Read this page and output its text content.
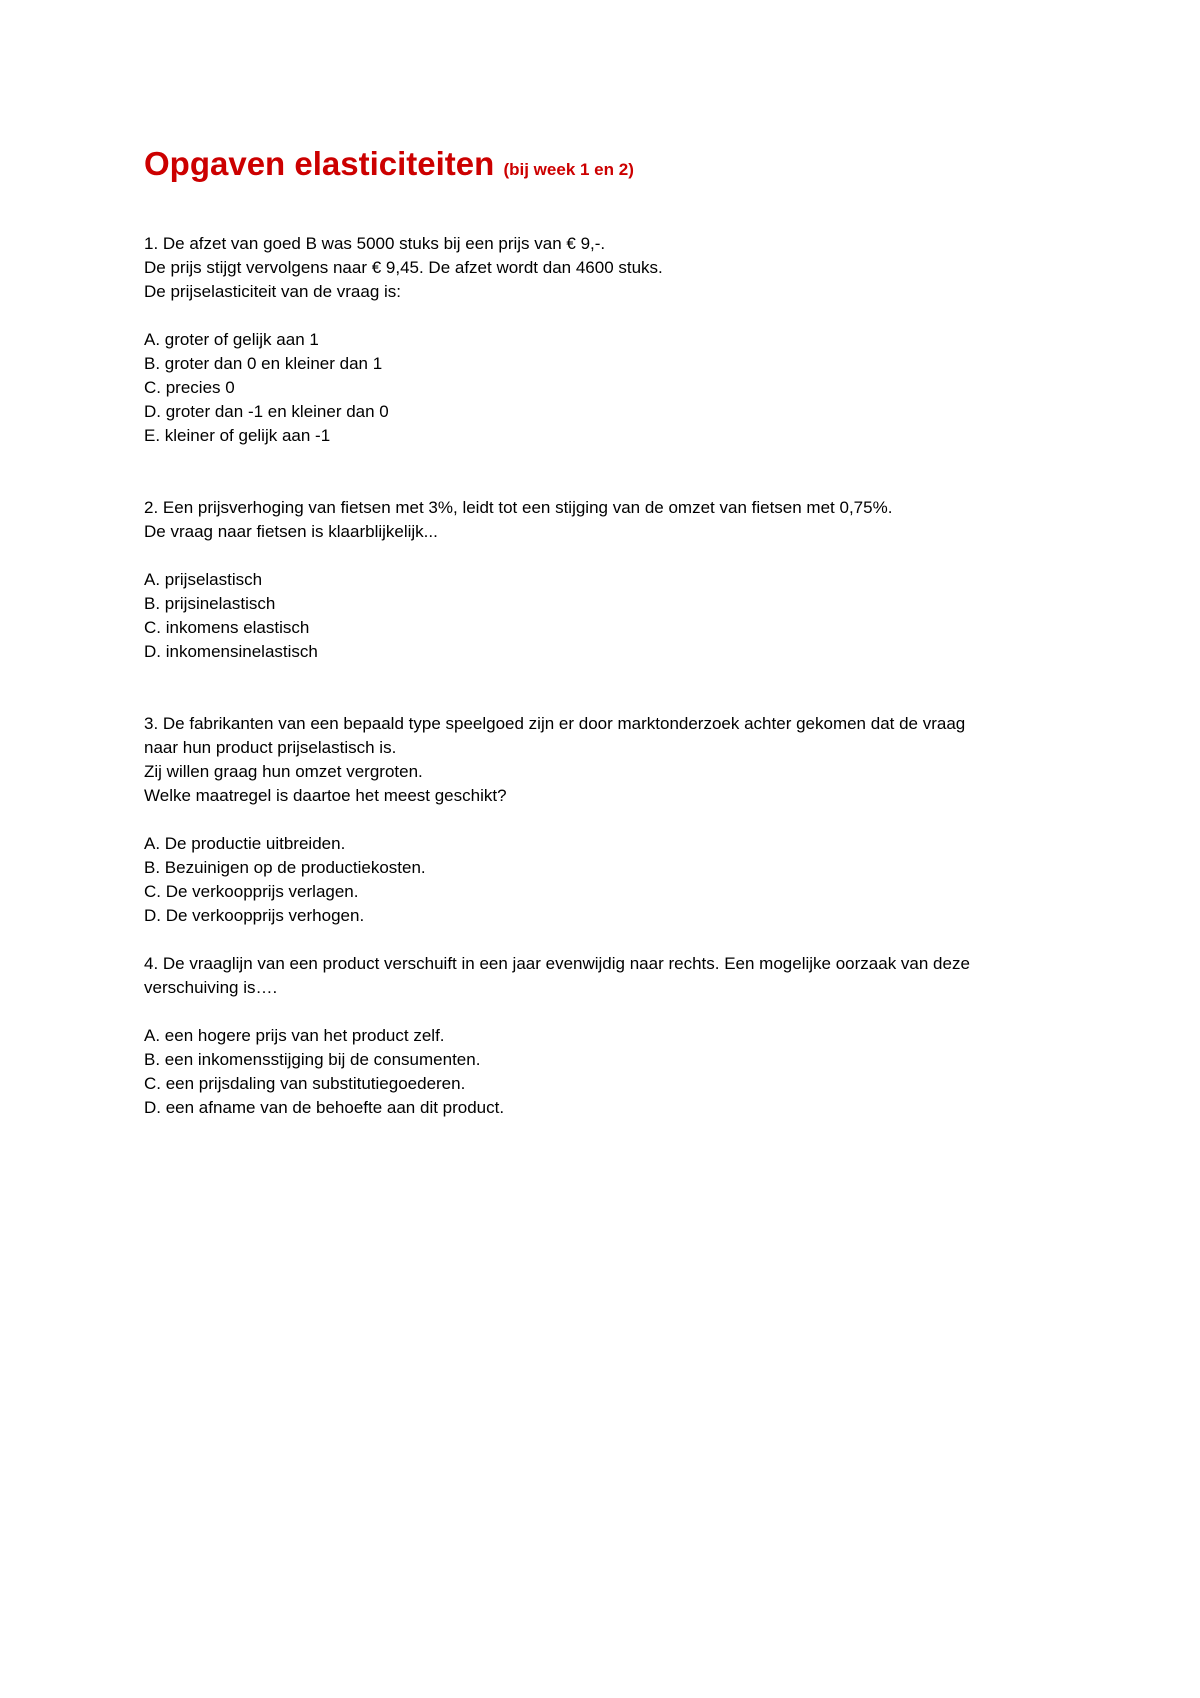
Opgaven elasticiteiten (bij week 1 en 2)
1. De afzet van goed B was 5000 stuks bij een prijs van € 9,-.
De prijs stijgt vervolgens naar € 9,45. De afzet wordt dan 4600 stuks.
De prijselasticiteit van de vraag is:
A. groter of gelijk aan 1
B. groter dan 0 en kleiner dan 1
C. precies 0
D. groter dan -1 en kleiner dan 0
E. kleiner of gelijk aan -1
2. Een prijsverhoging van fietsen met 3%, leidt tot een stijging van de omzet van fietsen met 0,75%.
De vraag naar fietsen is klaarblijkelijk...
A. prijselastisch
B. prijsinelastisch
C. inkomens elastisch
D. inkomensinelastisch
3. De fabrikanten van een bepaald type speelgoed zijn er door marktonderzoek achter gekomen dat de vraag
naar hun product prijselastisch is.
Zij willen graag hun omzet vergroten.
Welke maatregel is daartoe het meest geschikt?
A. De productie uitbreiden.
B. Bezuinigen op de productiekosten.
C. De verkoopprijs verlagen.
D. De verkoopprijs verhogen.
4. De vraaglijn van een product verschuift in een jaar evenwijdig naar rechts. Een mogelijke oorzaak van deze
verschuiving is….
A. een hogere prijs van het product zelf.
B. een inkomensstijging bij de consumenten.
C. een prijsdaling van substitutiegoederen.
D. een afname van de behoefte aan dit product.
